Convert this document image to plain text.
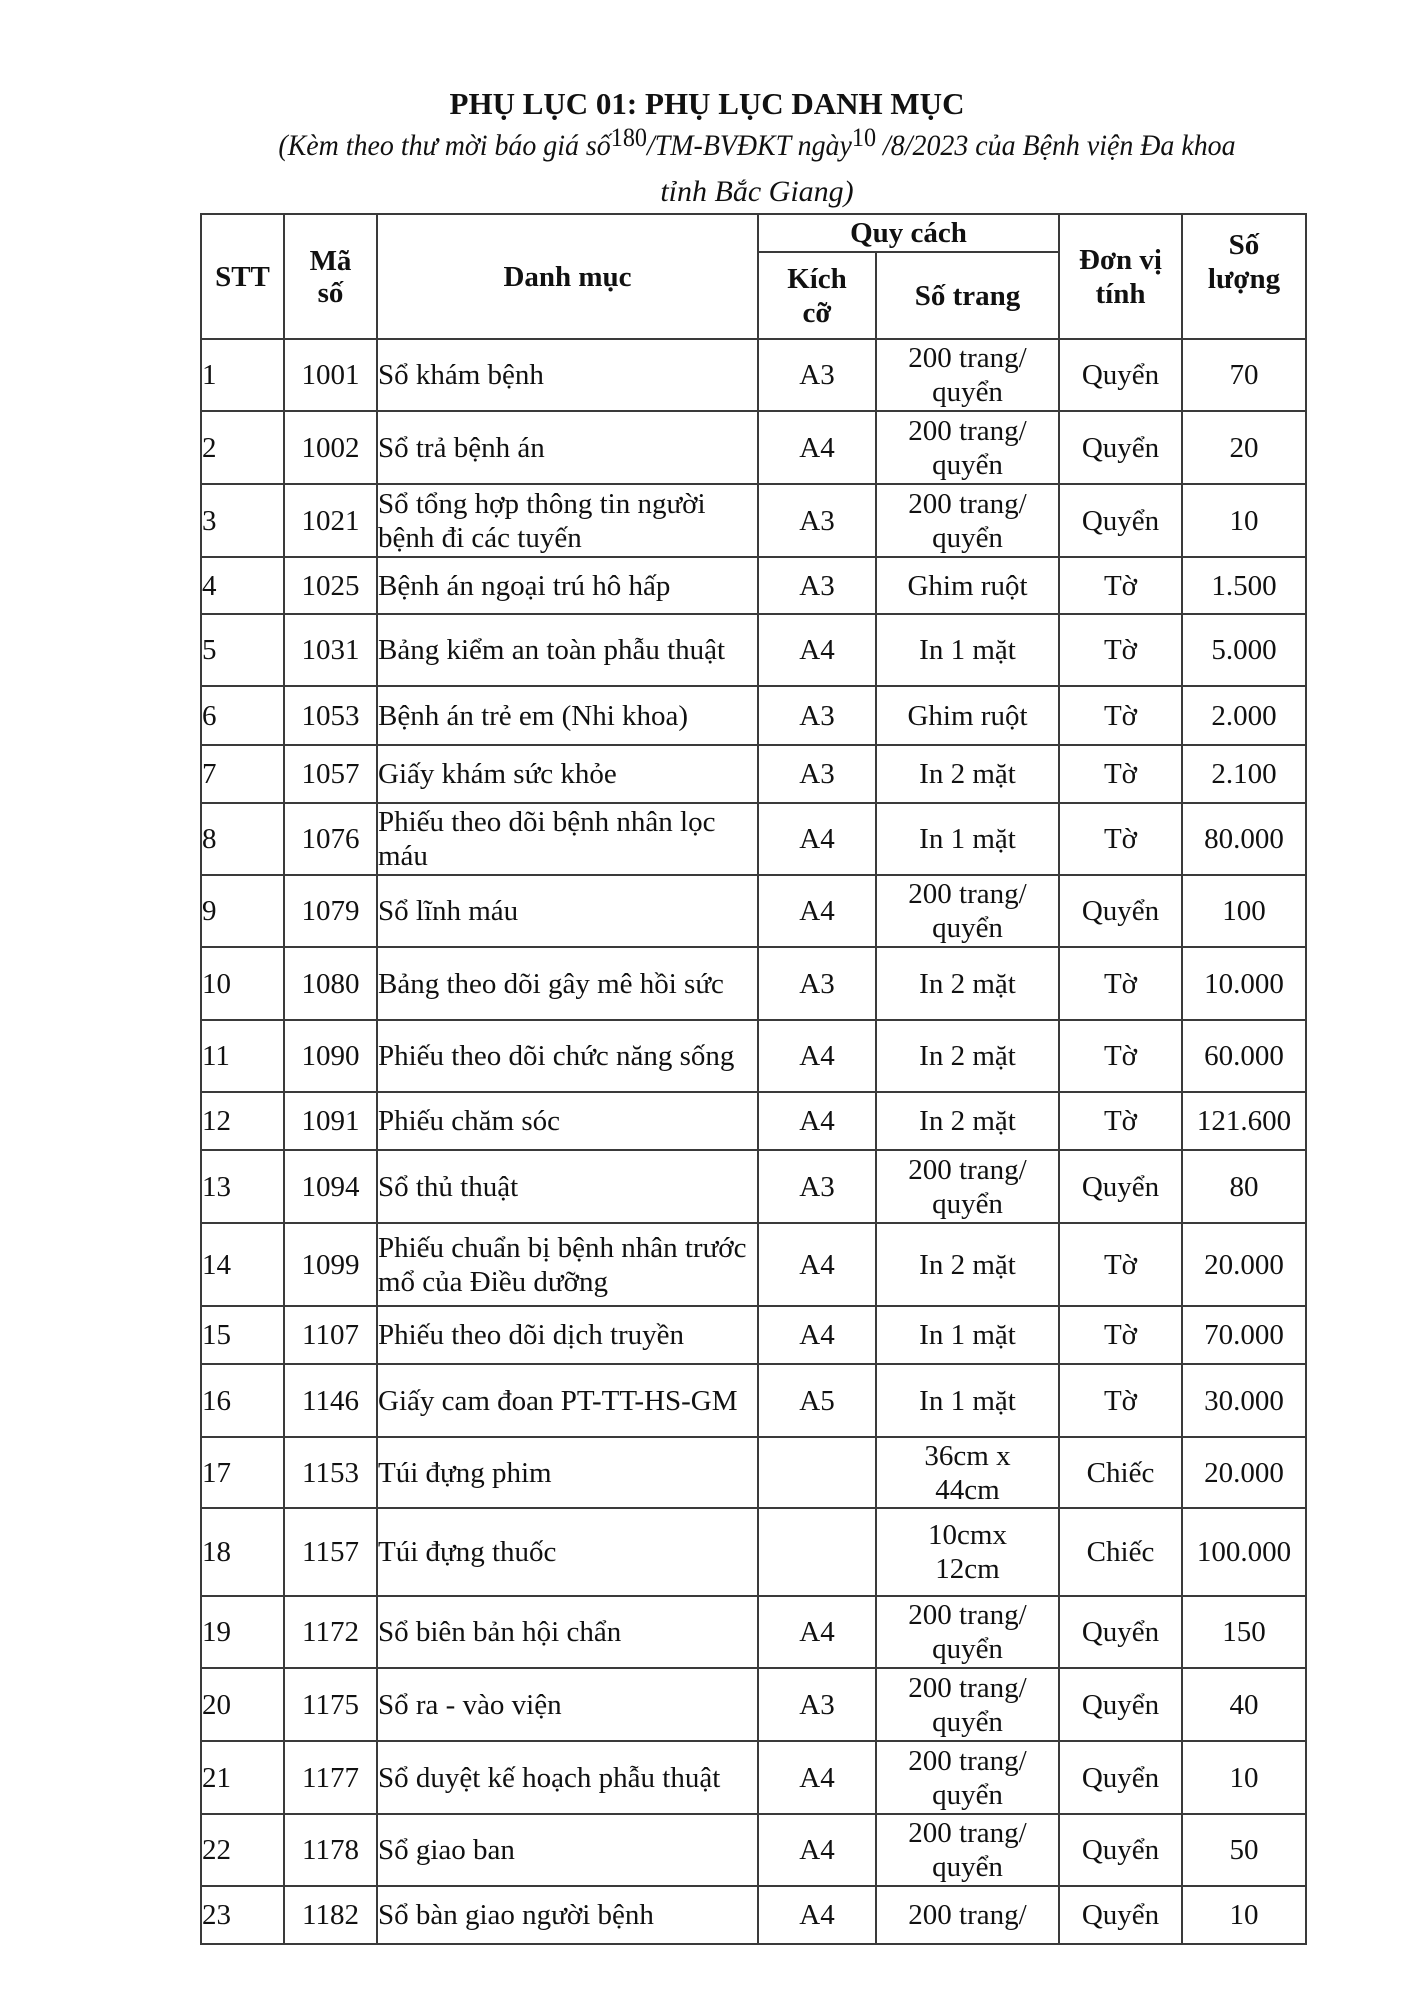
PHỤ LỤC 01: PHỤ LỤC DANH MỤC
(Kèm theo thư mời báo giá số180/TM-BVĐKT ngày10 /8/2023 của Bệnh viện Đa khoa
tỉnh Bắc Giang)
STT	Mã số	Danh mục	Quy cách		Đơn vị tính	Số lượng

			Kích cỡ	Số trang		
1	1001	Sổ khám bệnh	A3	200 trang/ quyển	Quyển	70
2	1002	Sổ trả bệnh án	A4	200 trang/ quyển	Quyển	20
3	1021	Sổ tổng hợp thông tin người bệnh đi các tuyến	A3	200 trang/ quyển	Quyển	10
4	1025	Bệnh án ngoại trú hô hấp	A3	Ghim ruột	Tờ	1.500
5	1031	Bảng kiểm an toàn phẫu thuật	A4	In 1 mặt	Tờ	5.000
6	1053	Bệnh án trẻ em (Nhi khoa)	A3	Ghim ruột	Tờ	2.000
7	1057	Giấy khám sức khỏe	A3	In 2 mặt	Tờ	2.100
8	1076	Phiếu theo dõi bệnh nhân lọc máu	A4	In 1 mặt	Tờ	80.000
9	1079	Sổ lĩnh máu	A4	200 trang/ quyển	Quyển	100
10	1080	Bảng theo dõi gây mê hồi sức	A3	In 2 mặt	Tờ	10.000
11	1090	Phiếu theo dõi chức năng sống	A4	In 2 mặt	Tờ	60.000
12	1091	Phiếu chăm sóc	A4	In 2 mặt	Tờ	121.600
13	1094	Sổ thủ thuật	A3	200 trang/ quyển	Quyển	80
14	1099	Phiếu chuẩn bị bệnh nhân trước mổ của Điều dưỡng	A4	In 2 mặt	Tờ	20.000
15	1107	Phiếu theo dõi dịch truyền	A4	In 1 mặt	Tờ	70.000
16	1146	Giấy cam đoan PT-TT-HS-GM	A5	In 1 mặt	Tờ	30.000
17	1153	Túi đựng phim		36cm x 44cm	Chiếc	20.000
18	1157	Túi đựng thuốc		10cmx 12cm	Chiếc	100.000
19	1172	Sổ biên bản hội chẩn	A4	200 trang/ quyển	Quyển	150
20	1175	Sổ ra - vào viện	A3	200 trang/ quyển	Quyển	40
21	1177	Sổ duyệt kế hoạch phẫu thuật	A4	200 trang/ quyển	Quyển	10
22	1178	Sổ giao ban	A4	200 trang/ quyển	Quyển	50
23	1182	Sổ bàn giao người bệnh	A4	200 trang/	Quyển	10
